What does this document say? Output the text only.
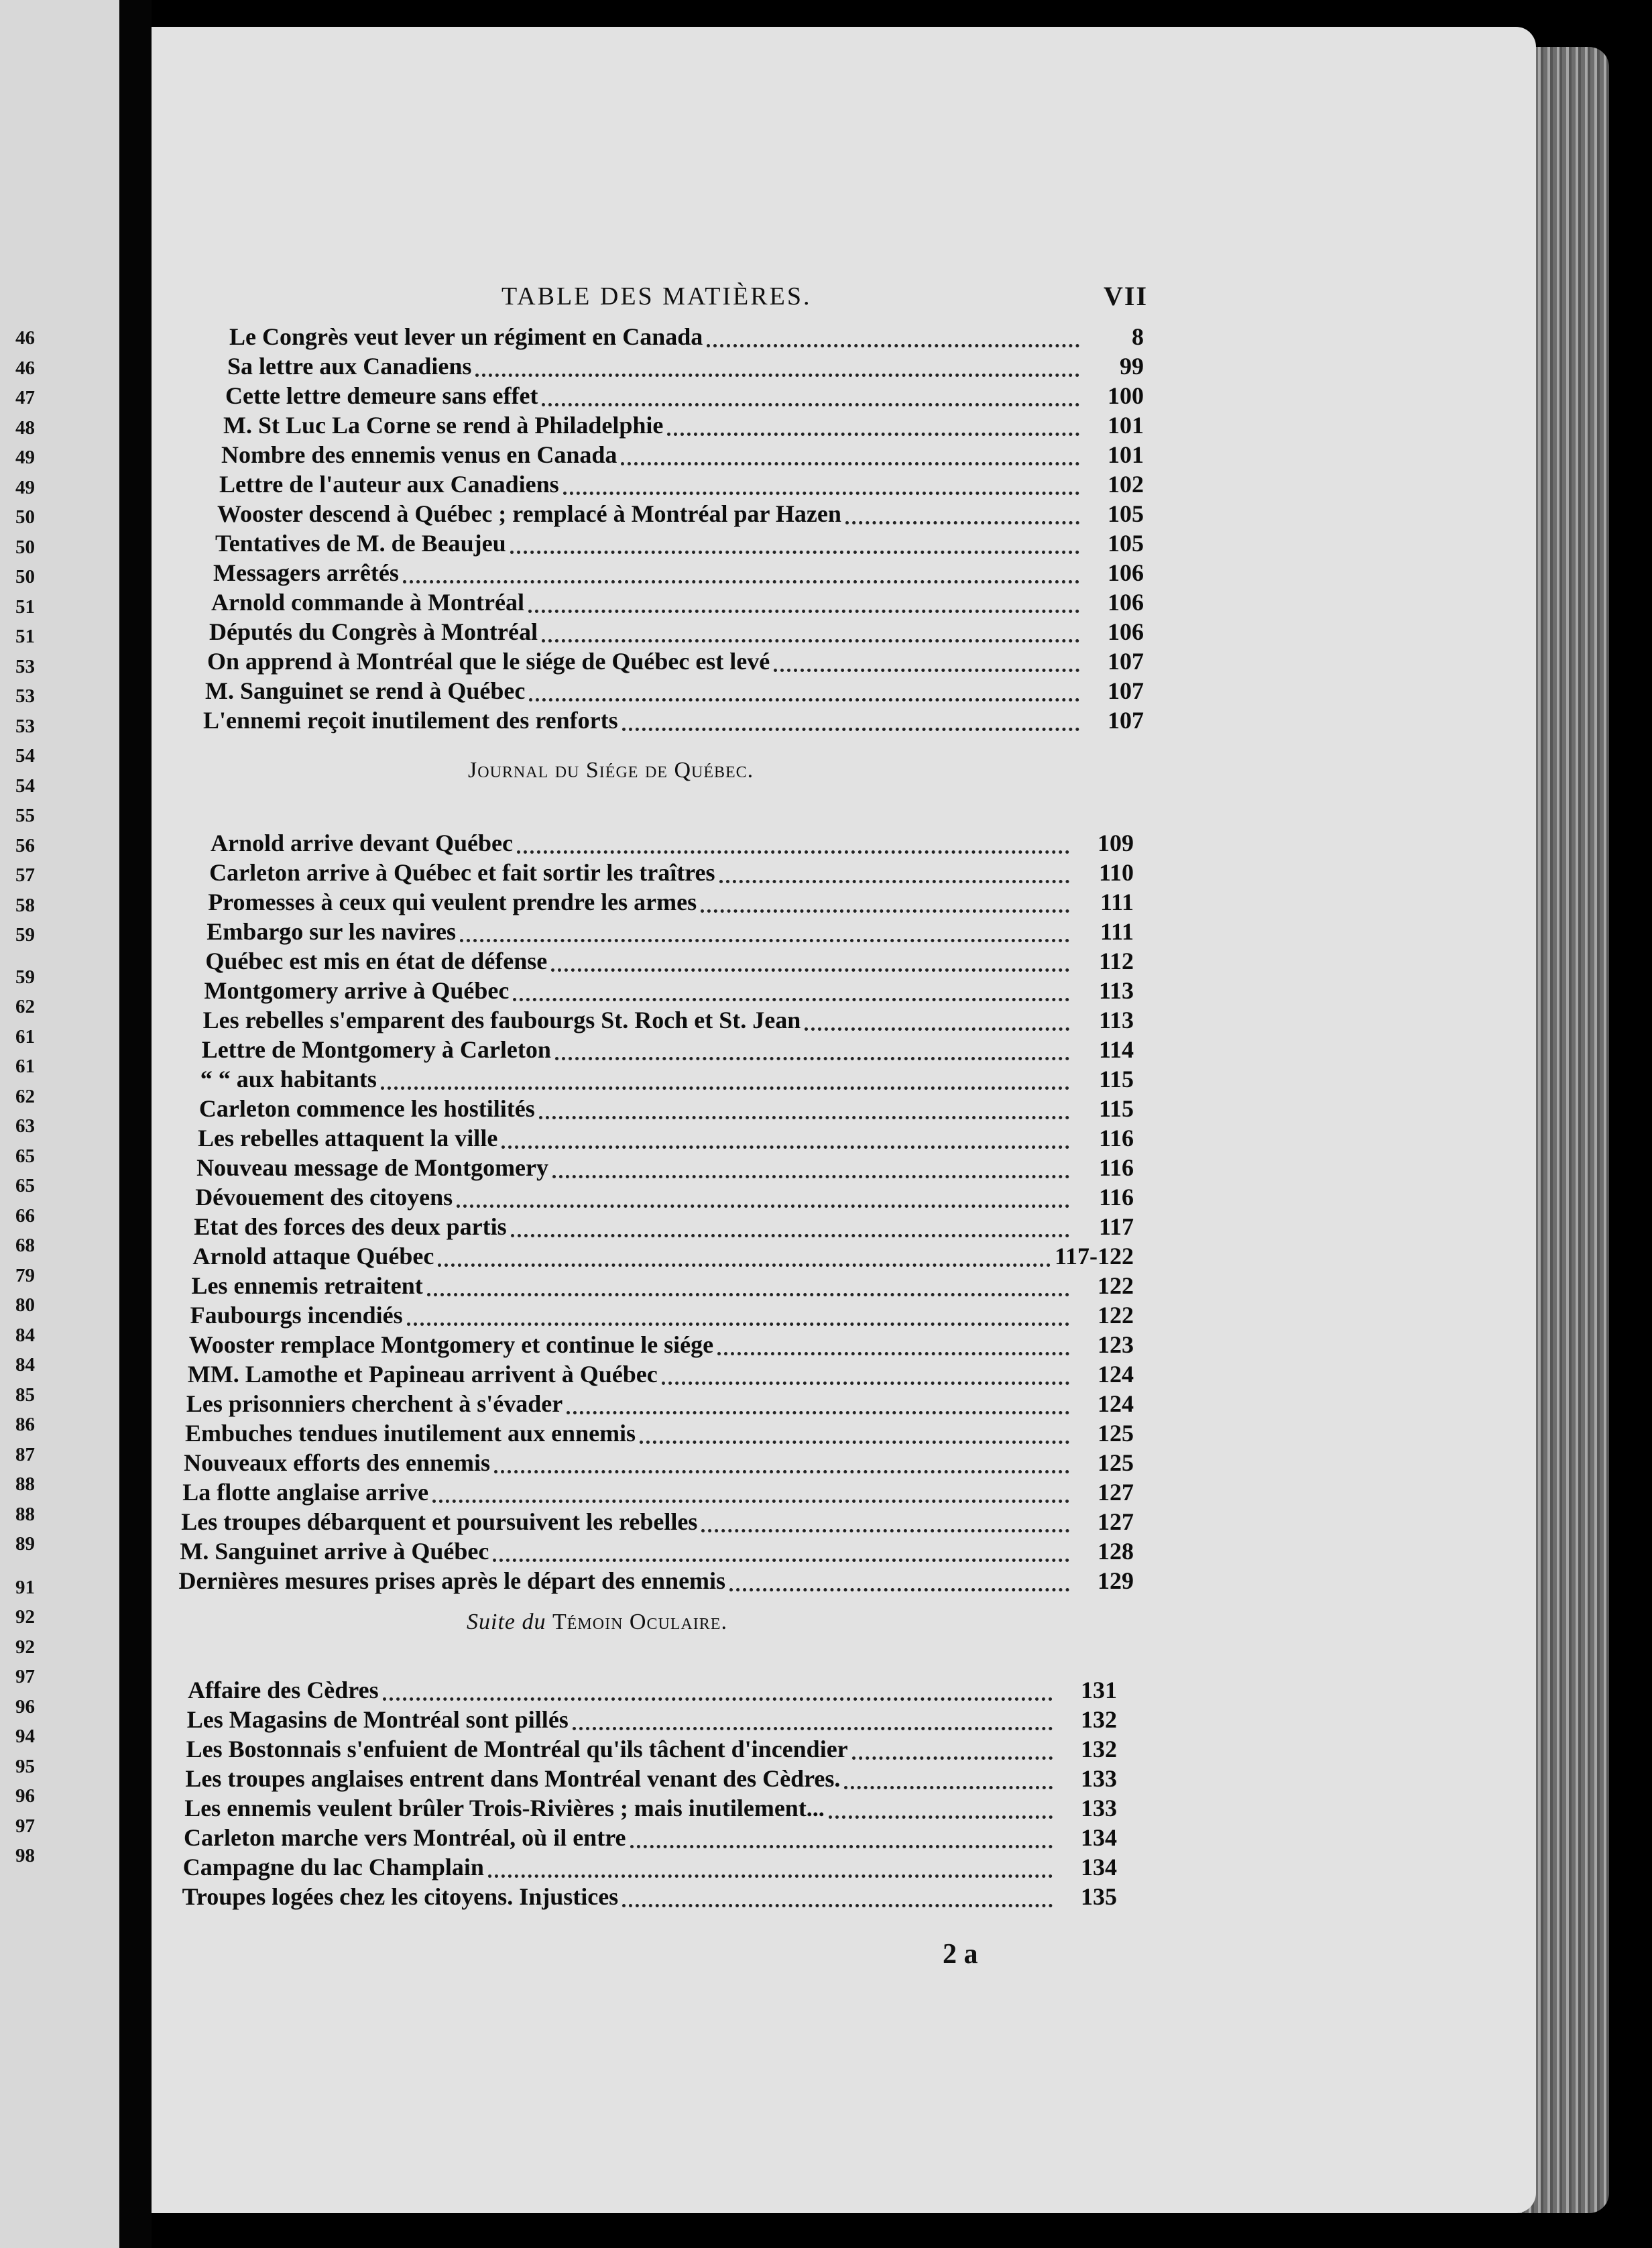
46
46
47
48
49
49
50
50
50
51
51
53
53
53
54
54
55
56
57
58
59
59
62
61
61
62
63
65
65
66
68
79
80
84
84
85
86
87
88
88
89
91
92
92
97
96
94
95
96
97
98
TABLE DES MATIÈRES.	VII
Le Congrès veut lever un régiment en Canada	8
Sa lettre aux Canadiens	99
Cette lettre demeure sans effet	100
M. St Luc La Corne se rend à Philadelphie	101
Nombre des ennemis venus en Canada	101
Lettre de l'auteur aux Canadiens	102
Wooster descend à Québec ; remplacé à Montréal par Hazen	105
Tentatives de M. de Beaujeu	105
Messagers arrêtés	106
Arnold commande à Montréal	106
Députés du Congrès à Montréal	106
On apprend à Montréal que le siége de Québec est levé	107
M. Sanguinet se rend à Québec	107
L'ennemi reçoit inutilement des renforts	107
Arnold arrive devant Québec	109
Carleton arrive à Québec et fait sortir les traîtres	110
Promesses à ceux qui veulent prendre les armes	111
Embargo sur les navires	111
Québec est mis en état de défense	112
Montgomery arrive à Québec	113
Les rebelles s'emparent des faubourgs St. Roch et St. Jean	113
Lettre de Montgomery à Carleton	114
“ “ aux habitants	115
Carleton commence les hostilités	115
Les rebelles attaquent la ville	116
Nouveau message de Montgomery	116
Dévouement des citoyens	116
Etat des forces des deux partis	117
Arnold attaque Québec	117-122
Les ennemis retraitent	122
Faubourgs incendiés	122
Wooster remplace Montgomery et continue le siége	123
MM. Lamothe et Papineau arrivent à Québec	124
Les prisonniers cherchent à s'évader	124
Embuches tendues inutilement aux ennemis	125
Nouveaux efforts des ennemis	125
La flotte anglaise arrive	127
Les troupes débarquent et poursuivent les rebelles	127
M. Sanguinet arrive à Québec	128
Dernières mesures prises après le départ des ennemis	129
Affaire des Cèdres	131
Les Magasins de Montréal sont pillés	132
Les Bostonnais s'enfuient de Montréal qu'ils tâchent d'incendier	132
Les troupes anglaises entrent dans Montréal venant des Cèdres.	133
Les ennemis veulent brûler Trois-Rivières ; mais inutilement...	133
Carleton marche vers Montréal, où il entre	134
Campagne du lac Champlain	134
Troupes logées chez les citoyens. Injustices	135
Journal du Siége de Québec.
Suite du Témoin Oculaire.
2 a
